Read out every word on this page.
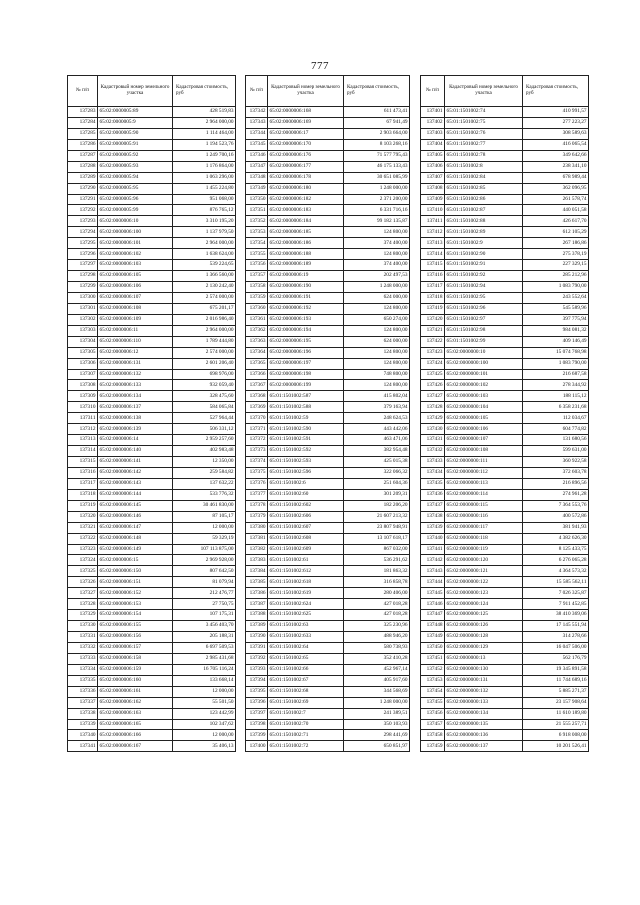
777
№ п/п	Кадастровый номер земельного участка	Кадастровая стоимость, руб
137283	65:02:0000005:89	428 519,83
137284	65:02:0000005:9	2 964 000,00
137285	65:02:0000005:90	1 114 464,00
137286	65:02:0000005:91	1 194 523,76
137287	65:02:0000005:92	1 249 700,16
137288	65:02:0000005:93	1 176 864,00
137289	65:02:0000005:94	1 063 296,00
137290	65:02:0000005:95	1 455 224,80
137291	65:02:0000005:96	951 068,00
137292	65:02:0000005:99	876 765,12
137293	65:02:0000006:10	3 310 195,20
137294	65:02:0000006:100	1 137 979,50
137295	65:02:0000006:101	2 964 000,00
137296	65:02:0000006:102	1 638 624,00
137297	65:02:0000006:103	539 224,65
137298	65:02:0000006:105	1 366 560,00
137299	65:02:0000006:106	2 130 242,40
137300	65:02:0000006:107	2 574 000,00
137301	65:02:0000006:108	675 201,17
137302	65:02:0000006:109	2 016 986,40
137303	65:02:0000006:11	2 964 000,00
137304	65:02:0000006:110	1 789 444,80
137305	65:02:0000006:12	2 574 000,00
137306	65:02:0000006:131	2 601 206,40
137307	65:02:0000006:132	698 976,00
137308	65:02:0000006:133	932 059,40
137309	65:02:0000006:134	328 475,60
137310	65:02:0000006:137	584 065,84
137311	65:02:0000006:138	527 964,44
137312	65:02:0000006:139	506 331,12
137313	65:02:0000006:14	2 959 257,60
137314	65:02:0000006:140	402 983,48
137315	65:02:0000006:141	12 350,00
137316	65:02:0000006:142	259 584,82
137317	65:02:0000006:143	137 632,22
137318	65:02:0000006:144	533 776,32
137319	65:02:0000006:145	30 461 830,00
137320	65:02:0000006:146	87 105,17
137321	65:02:0000006:147	12 000,00
137322	65:02:0000006:148	59 329,19
137323	65:02:0000006:149	107 113 875,00
137324	65:02:0000006:15	2 969 928,00
137325	65:02:0000006:150	807 642,50
137326	65:02:0000006:151	81 079,94
137327	65:02:0000006:152	212 476,77
137328	65:02:0000006:153	27 750,75
137329	65:02:0000006:154	107 175,31
137330	65:02:0000006:155	3 456 403,70
137331	65:02:0000006:156	205 188,31
137332	65:02:0000006:157	6 697 509,53
137333	65:02:0000006:158	2 985 431,68
137334	65:02:0000006:159	16 705 116,24
137335	65:02:0000006:160	133 668,14
137336	65:02:0000006:161	12 000,00
137337	65:02:0000006:162	55 501,50
137338	65:02:0000006:163	123 442,99
137339	65:02:0000006:165	102 347,62
137340	65:02:0000006:166	12 000,00
137341	65:02:0000006:167	35 406,13
№ п/п	Кадастровый номер земельного участка	Кадастровая стоимость, руб
137342	65:02:0000006:168	611 473,41
137343	65:02:0000006:169	67 941,49
137344	65:02:0000006:17	2 903 664,00
137345	65:02:0000006:170	8 103 268,16
137346	65:02:0000006:176	71 577 795,43
137347	65:02:0000006:177	46 175 133,43
137348	65:02:0000006:178	30 651 085,99
137349	65:02:0000006:180	1 248 000,00
137350	65:02:0000006:182	2 371 200,00
137351	65:02:0000006:183	6 331 716,16
137352	65:02:0000006:184	99 182 135,87
137353	65:02:0000006:185	124 800,00
137354	65:02:0000006:186	374 400,00
137355	65:02:0000006:188	124 800,00
137356	65:02:0000006:189	374 400,00
137357	65:02:0000006:19	202 497,53
137358	65:02:0000006:190	1 248 000,00
137359	65:02:0000006:191	624 000,00
137360	65:02:0000006:192	124 800,00
137361	65:02:0000006:193	650 274,00
137362	65:02:0000006:194	124 800,00
137363	65:02:0000006:195	624 000,00
137364	65:02:0000006:196	124 800,00
137365	65:02:0000006:197	124 800,00
137366	65:02:0000006:198	748 800,00
137367	65:02:0000006:199	124 800,00
137368	65:01:1501002:587	415 802,04
137369	65:01:1501002:588	379 163,94
137370	65:01:1501002:59	248 624,53
137371	65:01:1501002:590	443 442,06
137372	65:01:1501002:591	463 471,06
137373	65:01:1501002:592	382 954,48
137374	65:01:1501002:593	425 015,38
137375	65:01:1501002:596	322 066,32
137376	65:01:1501002:6	251 604,36
137377	65:01:1501002:60	301 209,31
137378	65:01:1501002:602	182 206,20
137379	65:01:1501002:606	21 607 213,32
137380	65:01:1501002:607	23 807 948,91
137381	65:01:1501002:608	13 107 618,17
137382	65:01:1501002:609	867 032,00
137383	65:01:1501002:61	536 291,62
137384	65:01:1501002:612	181 863,32
137385	65:01:1501002:618	316 858,78
137386	65:01:1501002:619	280 406,00
137387	65:01:1501002:624	427 018,28
137388	65:01:1501002:625	427 018,28
137389	65:01:1501002:63	325 230,96
137390	65:01:1501002:633	488 946,20
137391	65:01:1501002:64	580 738,93
137392	65:01:1501002:65	352 410,28
137393	65:01:1501002:66	452 967,14
137394	65:01:1501002:67	405 917,60
137395	65:01:1501002:68	344 568,69
137396	65:01:1501002:69	1 248 000,00
137397	65:01:1501002:7	241 389,51
137398	65:01:1501002:70	350 103,93
137399	65:01:1501002:71	298 441,69
137400	65:01:1501002:72	650 851,97
№ п/п	Кадастровый номер земельного участка	Кадастровая стоимость, руб
137401	65:01:1501002:74	410 991,57
137402	65:01:1501002:75	277 223,27
137403	65:01:1501002:76	308 589,63
137404	65:01:1501002:77	416 065,54
137405	65:01:1501002:78	349 642,66
137406	65:01:1501002:8	238 341,10
137407	65:01:1501002:84	678 989,44
137408	65:01:1501002:85	362 096,95
137409	65:01:1501002:86	261 578,74
137410	65:01:1501002:87	440 051,58
137411	65:01:1501002:88	426 617,70
137412	65:01:1501002:89	612 105,29
137413	65:01:1501002:9	267 186,86
137414	65:01:1501002:90	275 378,19
137415	65:01:1501002:91	227 329,15
137416	65:01:1501002:92	285 212,96
137417	65:01:1501002:94	1 083 790,00
137418	65:01:1501002:95	243 552,64
137419	65:01:1501002:96	545 589,96
137420	65:01:1501002:97	397 775,94
137421	65:01:1501002:98	984 081,32
137422	65:01:1501002:99	409 146,49
137423	65:02:0000000:10	15 074 768,98
137424	65:02:0000000:100	1 083 790,00
137425	65:02:0000000:101	216 687,58
137426	65:02:0000000:102	278 344,92
137427	65:02:0000000:103	188 115,12
137428	65:02:0000000:104	6 358 231,68
137429	65:02:0000000:105	112 034,67
137430	65:02:0000000:106	604 774,82
137431	65:02:0000000:107	131 680,56
137432	65:02:0000000:108	599 631,00
137433	65:02:0000000:111	360 922,58
137434	65:02:0000000:112	372 603,78
137435	65:02:0000000:113	216 896,56
137436	65:02:0000000:114	274 961,28
137437	65:02:0000000:115	7 364 553,76
137438	65:02:0000000:116	400 572,86
137439	65:02:0000000:117	381 941,93
137440	65:02:0000000:118	4 382 626,30
137441	65:02:0000000:119	8 125 433,75
137442	65:02:0000000:120	6 276 065,28
137443	65:02:0000000:121	4 364 573,32
137444	65:02:0000000:122	15 585 562,11
137445	65:02:0000000:123	7 026 325,87
137446	65:02:0000000:124	7 911 452,85
137447	65:02:0000000:125	38 410 369,06
137448	65:02:0000000:126	17 145 551,94
137449	65:02:0000000:128	314 278,66
137450	65:02:0000000:129	16 047 506,00
137451	65:02:0000000:13	562 176,79
137452	65:02:0000000:130	19 345 891,58
137453	65:02:0000000:131	11 744 689,16
137454	65:02:0000000:132	5 885 271,37
137455	65:02:0000000:133	23 157 908,64
137456	65:02:0000000:134	11 610 189,80
137457	65:02:0000000:135	21 555 257,71
137458	65:02:0000000:136	6 918 008,00
137459	65:02:0000000:137	10 201 526,41
